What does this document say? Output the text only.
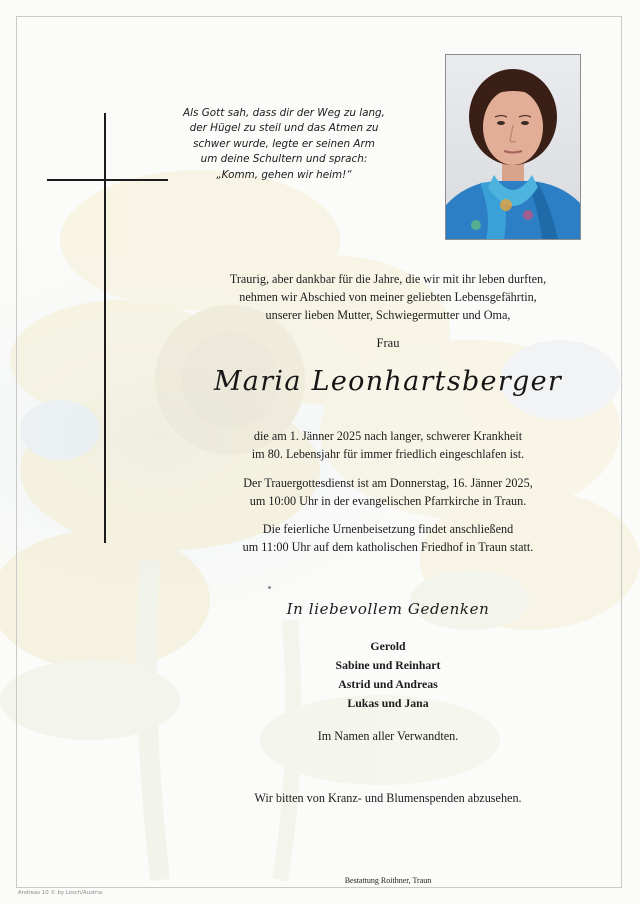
Als Gott sah, dass dir der Weg zu lang,
der Hügel zu steil und das Atmen zu
schwer wurde, legte er seinen Arm
um deine Schultern und sprach:
„Komm, gehen wir heim!“
Traurig, aber dankbar für die Jahre, die wir mit ihr leben durften,
nehmen wir Abschied von meiner geliebten Lebensgefährtin,
unserer lieben Mutter, Schwiegermutter und Oma,
Frau
Maria Leonhartsberger
die am 1. Jänner 2025 nach langer, schwerer Krankheit
im 80. Lebensjahr für immer friedlich eingeschlafen ist.
Der Trauergottesdienst ist am Donnerstag, 16. Jänner 2025,
um 10:00 Uhr in der evangelischen Pfarrkirche in Traun.
Die feierliche Urnenbeisetzung findet anschließend
um 11:00 Uhr auf dem katholischen Friedhof in Traun statt.
In liebevollem Gedenken
Gerold
Sabine und Reinhart
Astrid und Andreas
Lukas und Jana
Im Namen aller Verwandten.
Wir bitten von Kranz- und Blumenspenden abzusehen.
Bestattung Roithner, Traun
Andreas 10 © by Lösch/Austria
